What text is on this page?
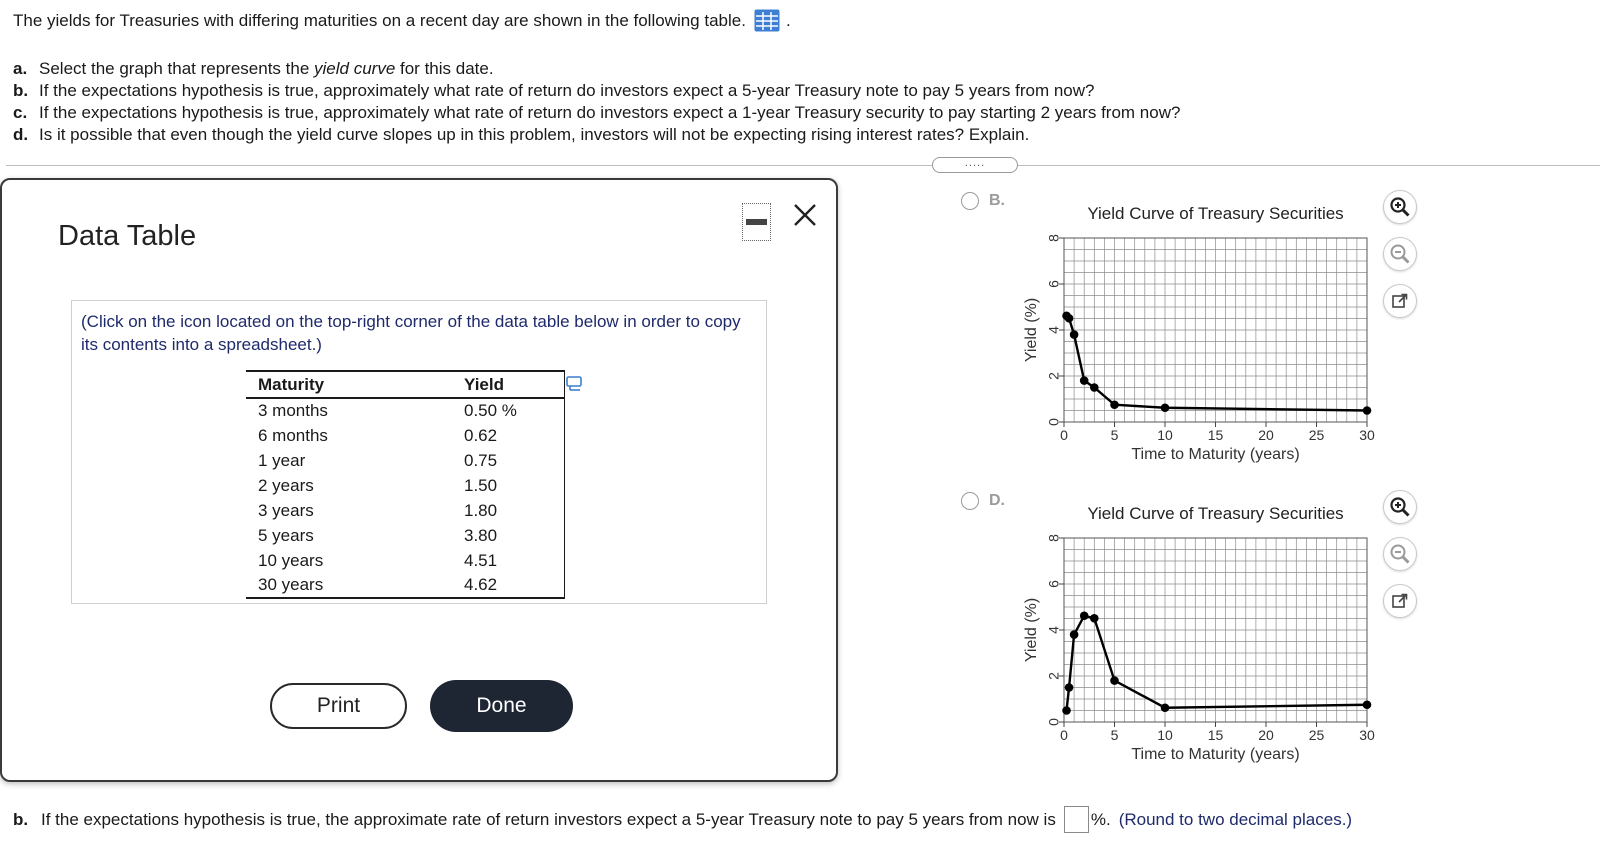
The yields for Treasuries with differing maturities on a recent day are shown in the following table. .
a. Select the graph that represents the yield curve for this date.
b. If the expectations hypothesis is true, approximately what rate of return do investors expect a 5-year Treasury note to pay 5 years from now?
c. If the expectations hypothesis is true, approximately what rate of return do investors expect a 1-year Treasury security to pay starting 2 years from now?
d. Is it possible that even though the yield curve slopes up in this problem, investors will not be expecting rising interest rates? Explain.
.....
B.
Yield Curve of Treasury Securities
0	5	10 15 20 25 30
0
2
4
6
8
Time to Maturity (years)
Yield (%)
D.
Yield Curve of Treasury Securities
0	5	10 15 20 25 30
0
2
4
6
8
Time to Maturity (years)
Yield (%)
Data Table
(Click on the icon located on the top-right corner of the data table below in order to copy its contents into a spreadsheet.)
Maturity	Yield
3 months	0.50 %
6 months	0.62
1 year	0.75
2 years	1.50
3 years	1.80
5 years	3.80
10 years	4.51
30 years	4.62
Print	Done
b. If the expectations hypothesis is true, the approximate rate of return investors expect a 5-year Treasury note to pay 5 years from now is %. (Round to two decimal places.)
